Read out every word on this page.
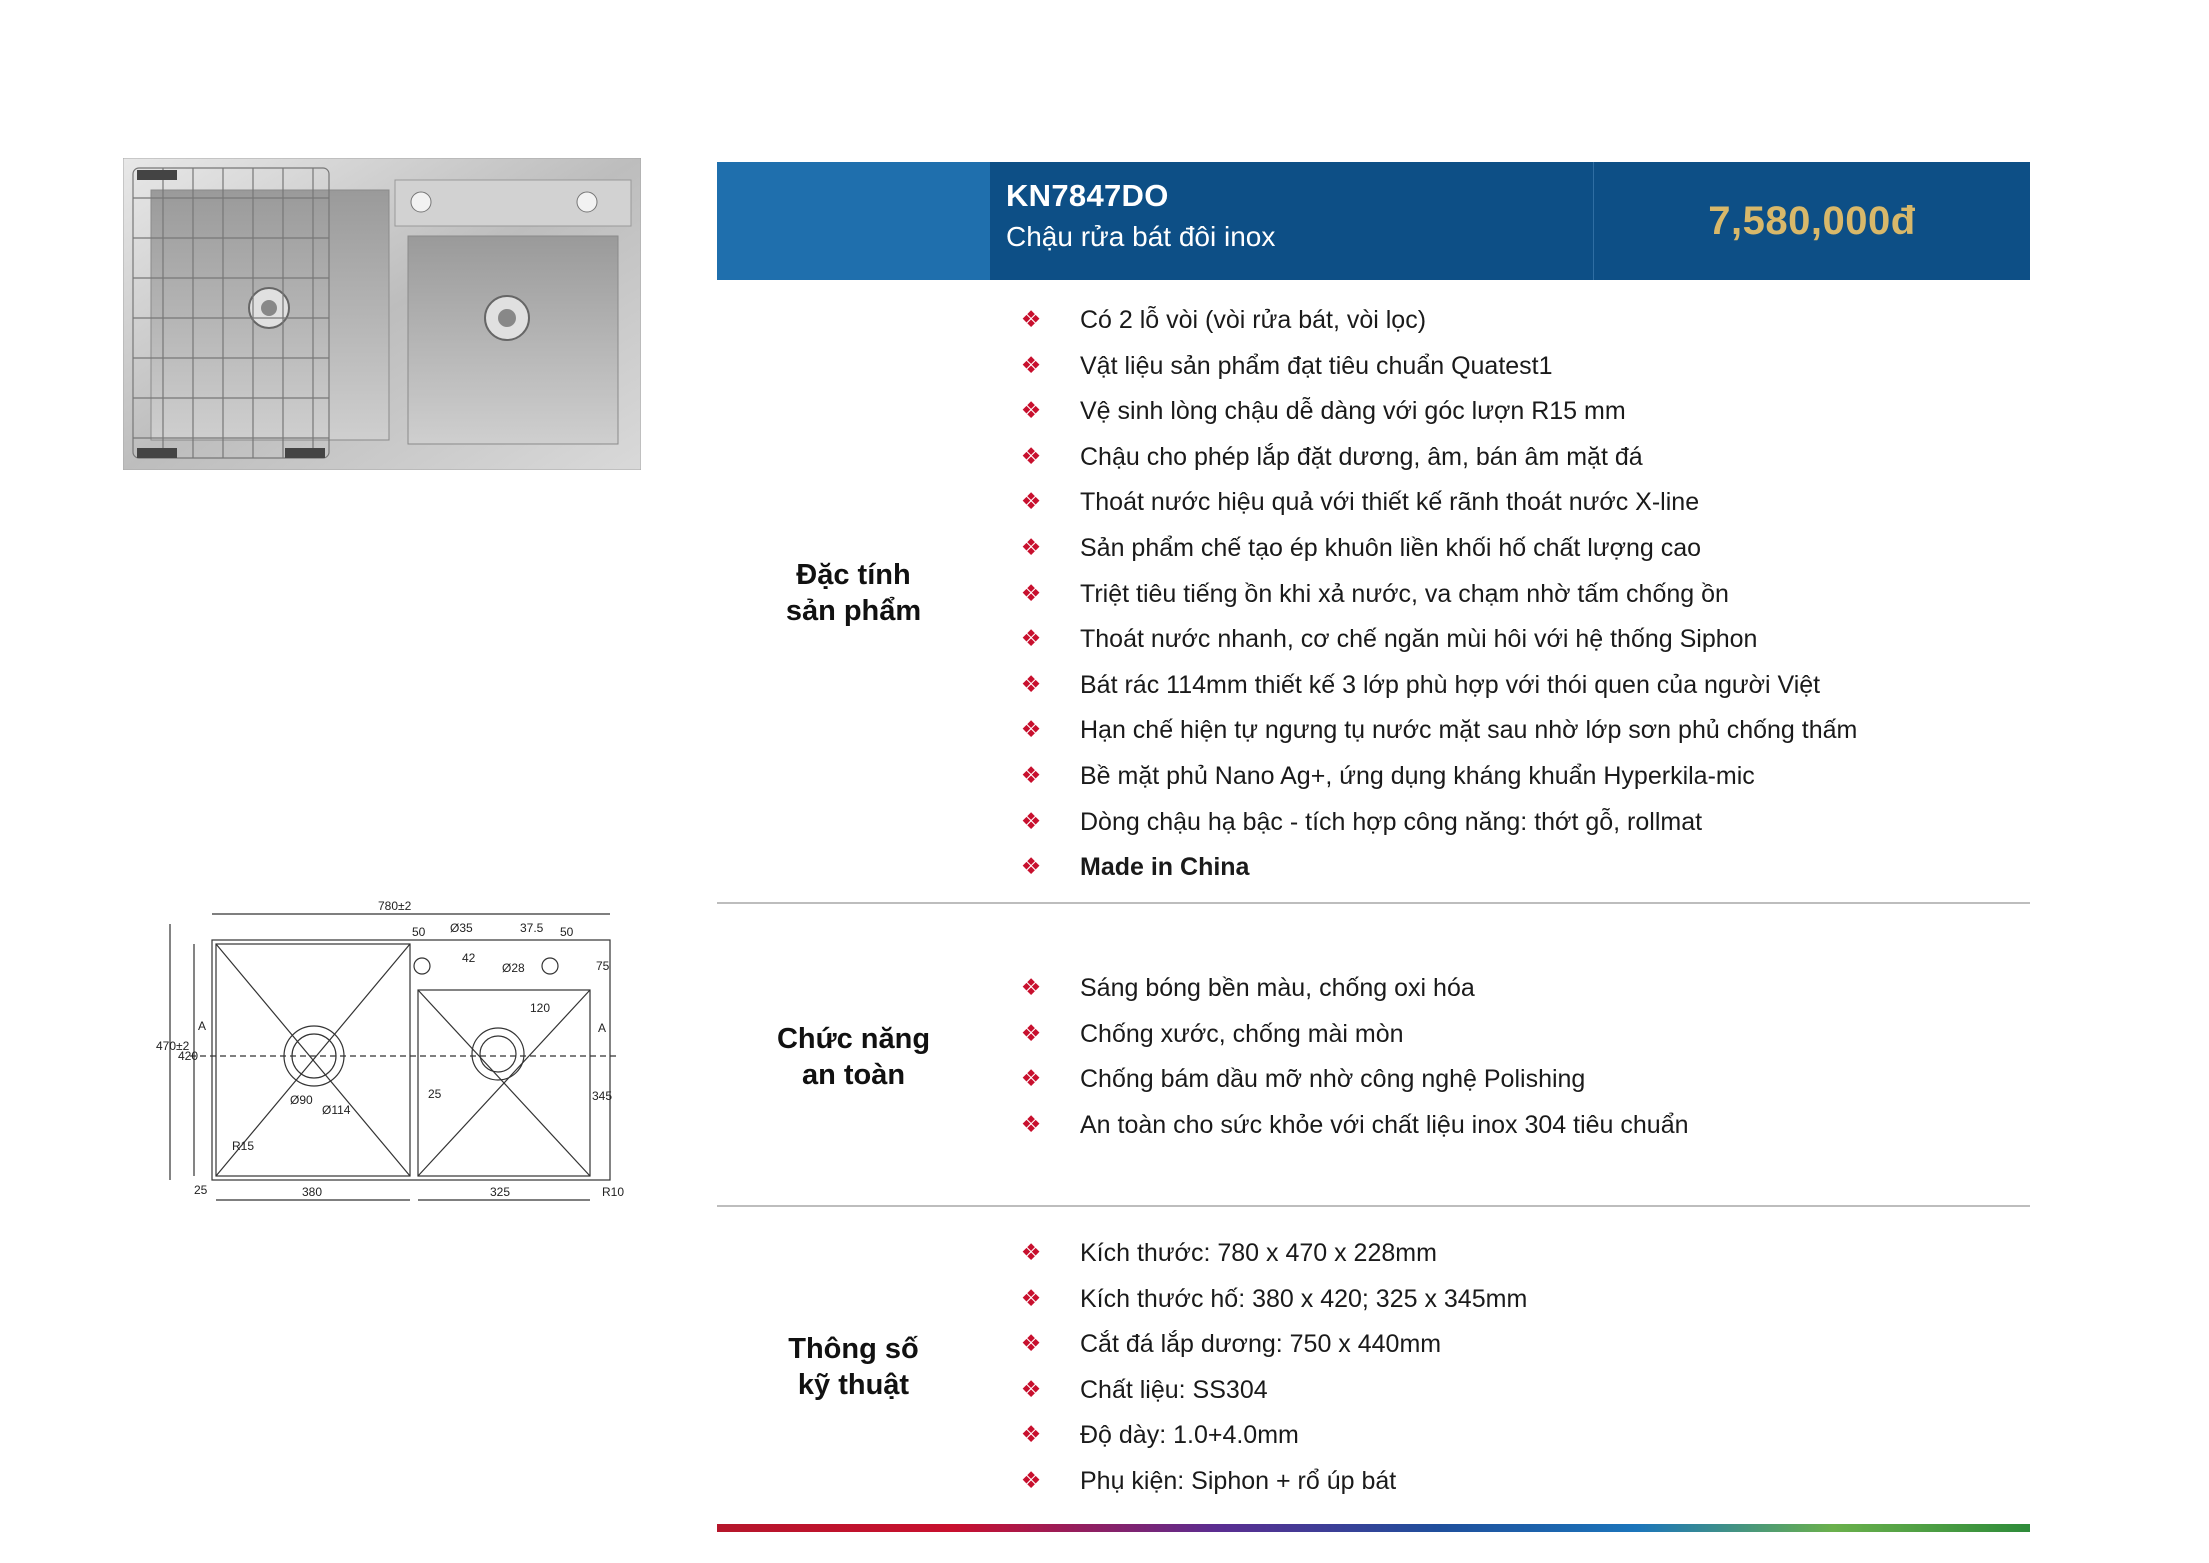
780±2
50 Ø35	37.5 50
42
Ø28	75
120
470±2
420
345
25
Ø90
Ø114
R15
25	380	325	R10
A	A
KN7847DO
Chậu rửa bát đôi inox	7,580,000đ
Đặc tính
sản phẩm
❖ Có 2 lỗ vòi (vòi rửa bát, vòi lọc)
❖ Vật liệu sản phẩm đạt tiêu chuẩn Quatest1
❖ Vệ sinh lòng chậu dễ dàng với góc lượn R15 mm
❖ Chậu cho phép lắp đặt dương, âm, bán âm mặt đá
❖ Thoát nước hiệu quả với thiết kế rãnh thoát nước X-line
❖ Sản phẩm chế tạo ép khuôn liền khối hố chất lượng cao
❖ Triệt tiêu tiếng ồn khi xả nước, va chạm nhờ tấm chống ồn
❖ Thoát nước nhanh, cơ chế ngăn mùi hôi với hệ thống Siphon
❖ Bát rác 114mm thiết kế 3 lớp phù hợp với thói quen của người Việt
❖ Hạn chế hiện tự ngưng tụ nước mặt sau nhờ lớp sơn phủ chống thấm
❖ Bề mặt phủ Nano Ag+, ứng dụng kháng khuẩn Hyperkila-mic
❖ Dòng chậu hạ bậc - tích hợp công năng: thớt gỗ, rollmat
❖ Made in China
Chức năng
an toàn
❖ Sáng bóng bền màu, chống oxi hóa
❖ Chống xước, chống mài mòn
❖ Chống bám dầu mỡ nhờ công nghệ Polishing
❖ An toàn cho sức khỏe với chất liệu inox 304 tiêu chuẩn
Thông số
kỹ thuật
❖ Kích thước: 780 x 470 x 228mm
❖ Kích thước hố: 380 x 420; 325 x 345mm
❖ Cắt đá lắp dương: 750 x 440mm
❖ Chất liệu: SS304
❖ Độ dày: 1.0+4.0mm
❖ Phụ kiện: Siphon + rổ úp bát
